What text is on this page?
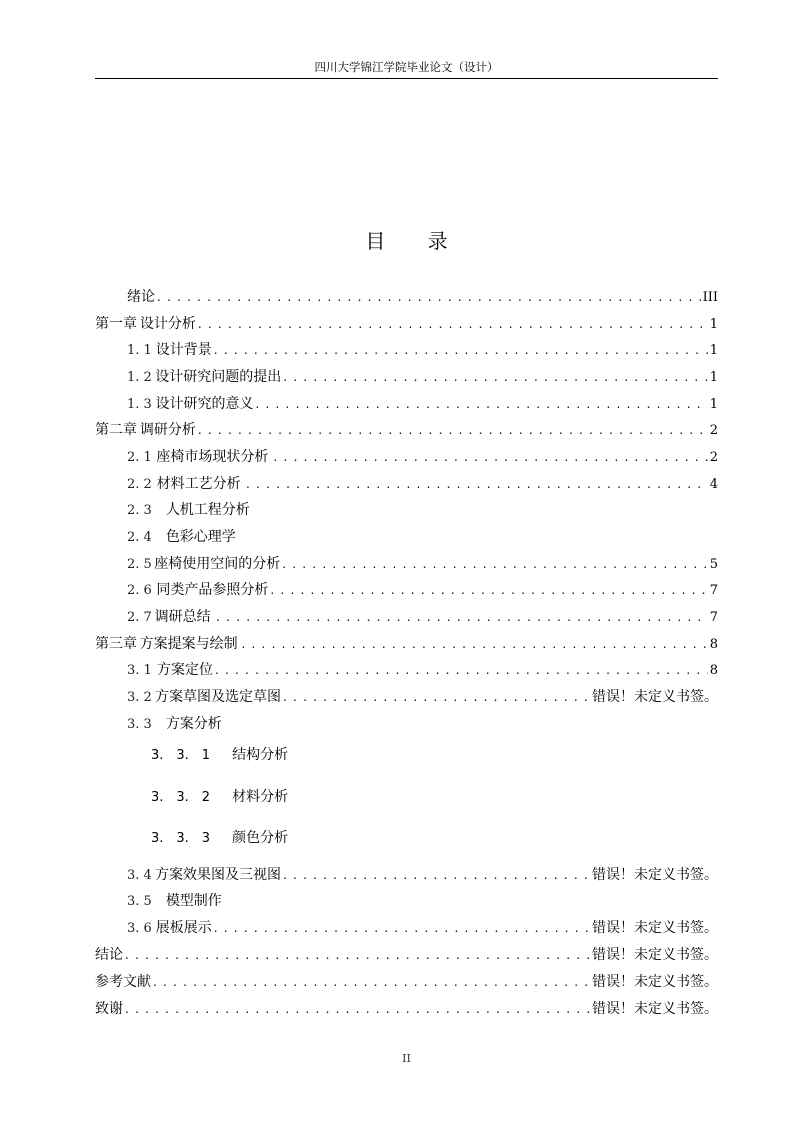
四川大学锦江学院毕业论文（设计）
目 录
绪论 . . .	III
第一章 设计分析 . . .	1
1. 1 设计背景 . . .	1
1. 2 设计研究问题的提出 . . .	1
1. 3 设计研究的意义 . . .	1
第二章 调研分析 . . .	2
2. 1 座椅市场现状分析 . . .	2
2. 2 材料工艺分析 . . .	4
2. 3 人机工程分析
2. 4 色彩心理学
2. 5 座椅使用空间的分析 . . .	5
2. 6 同类产品参照分析 . . .	7
2. 7 调研总结 . . .	7
第三章 方案提案与绘制 . . .	8
3. 1 方案定位 . . .	8
3. 2 方案草图及选定草图 . . .	错误！未定义书签。
3. 3 方案分析
3.　3.　1 结构分析
3.　3.　2 材料分析
3.　3.　3 颜色分析
3. 4 方案效果图及三视图 . . .	错误！未定义书签。
3. 5 模型制作
3. 6 展板展示 . . .	错误！未定义书签。
结论 . . .	错误！未定义书签。
参考文献 . . .	错误！未定义书签。
致谢 . . .	错误！未定义书签。
II
